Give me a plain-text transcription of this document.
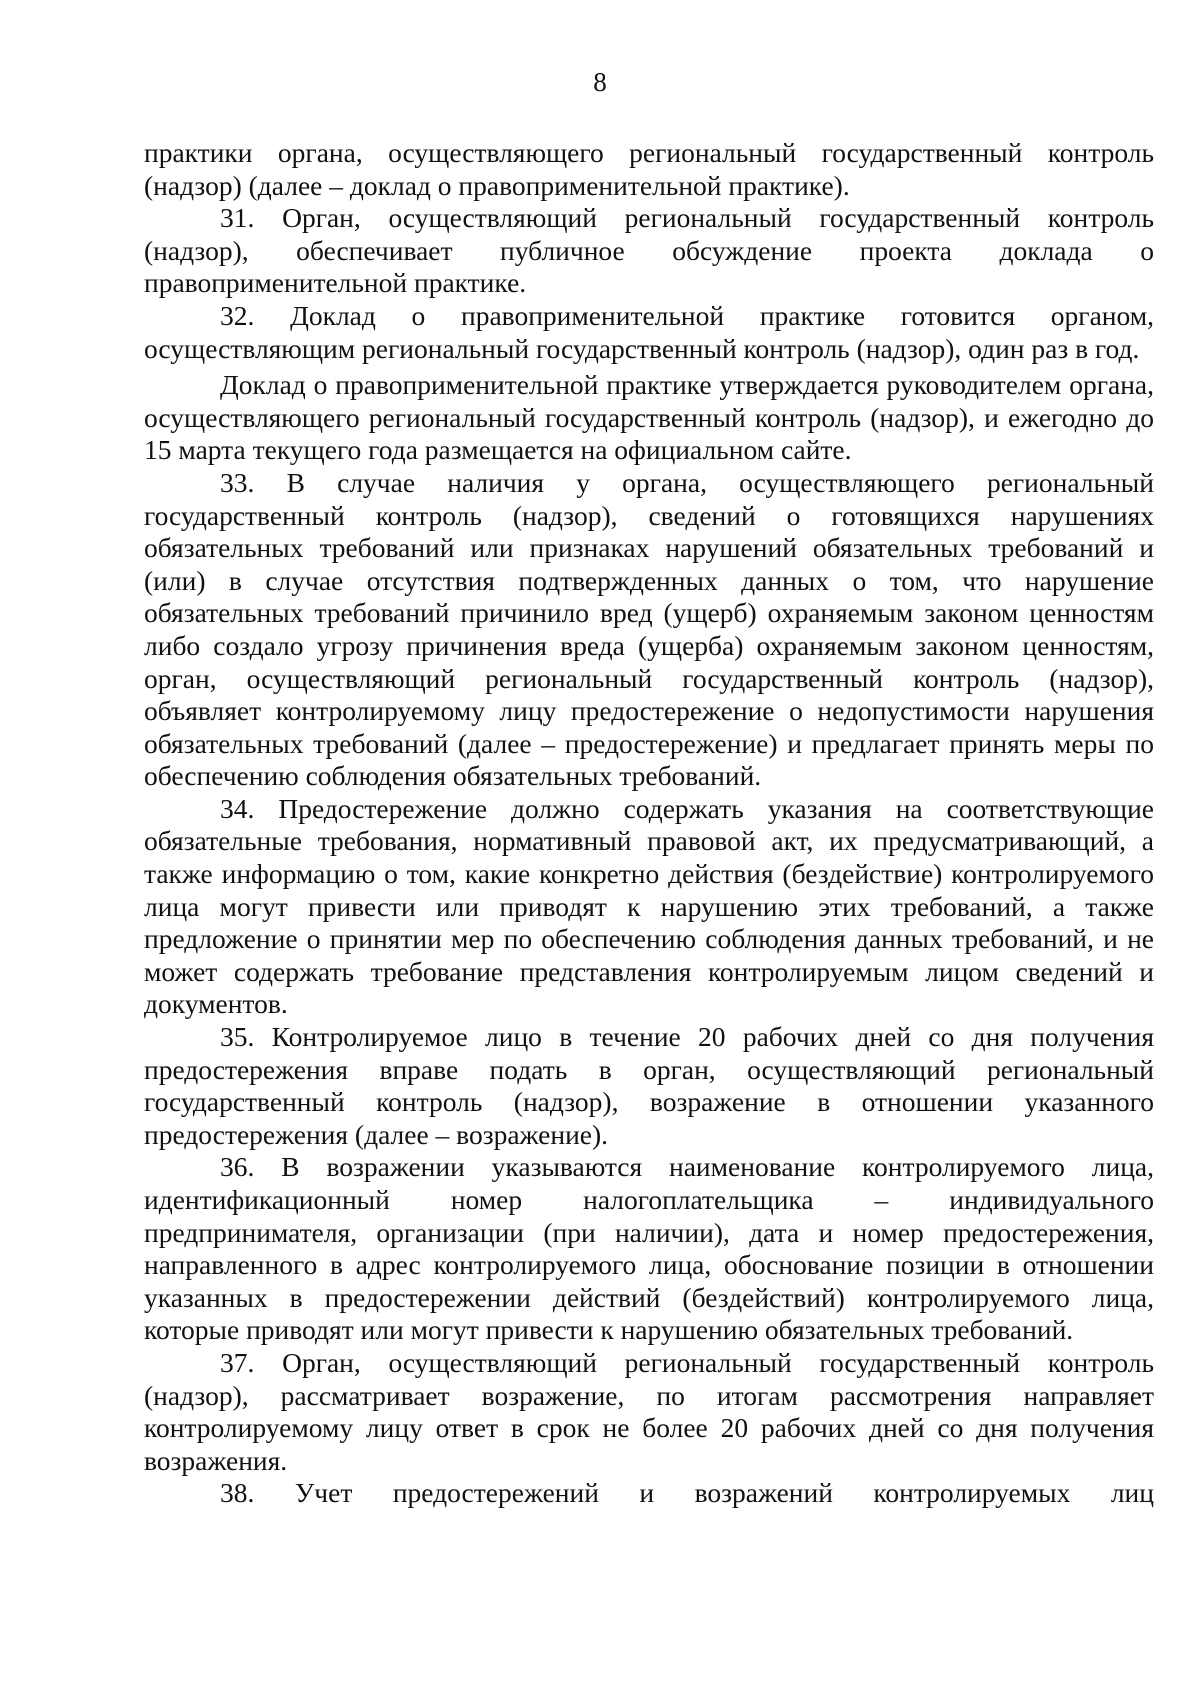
8

практики органа, осуществляющего региональный государственный контроль (надзор) (далее – доклад о правоприменительной практике).

31. Орган, осуществляющий региональный государственный контроль (надзор), обеспечивает публичное обсуждение проекта доклада о правоприменительной практике.

32. Доклад о правоприменительной практике готовится органом, осуществляющим региональный государственный контроль (надзор), один раз в год.

Доклад о правоприменительной практике утверждается руководителем органа, осуществляющего региональный государственный контроль (надзор), и ежегодно до 15 марта текущего года размещается на официальном сайте.

33. В случае наличия у органа, осуществляющего региональный государственный контроль (надзор), сведений о готовящихся нарушениях обязательных требований или признаках нарушений обязательных требований и (или) в случае отсутствия подтвержденных данных о том, что нарушение обязательных требований причинило вред (ущерб) охраняемым законом ценностям либо создало угрозу причинения вреда (ущерба) охраняемым законом ценностям, орган, осуществляющий региональный государственный контроль (надзор), объявляет контролируемому лицу предостережение о недопустимости нарушения обязательных требований (далее – предостережение) и предлагает принять меры по обеспечению соблюдения обязательных требований.

34. Предостережение должно содержать указания на соответствующие обязательные требования, нормативный правовой акт, их предусматривающий, а также информацию о том, какие конкретно действия (бездействие) контролируемого лица могут привести или приводят к нарушению этих требований, а также предложение о принятии мер по обеспечению соблюдения данных требований, и не может содержать требование представления контролируемым лицом сведений и документов.

35. Контролируемое лицо в течение 20 рабочих дней со дня получения предостережения вправе подать в орган, осуществляющий региональный государственный контроль (надзор), возражение в отношении указанного предостережения (далее – возражение).

36. В возражении указываются наименование контролируемого лица, идентификационный номер налогоплательщика – индивидуального предпринимателя, организации (при наличии), дата и номер предостережения, направленного в адрес контролируемого лица, обоснование позиции в отношении указанных в предостережении действий (бездействий) контролируемого лица, которые приводят или могут привести к нарушению обязательных требований.

37. Орган, осуществляющий региональный государственный контроль (надзор), рассматривает возражение, по итогам рассмотрения направляет контролируемому лицу ответ в срок не более 20 рабочих дней со дня получения возражения.

38. Учет предостережений и возражений контролируемых лиц
